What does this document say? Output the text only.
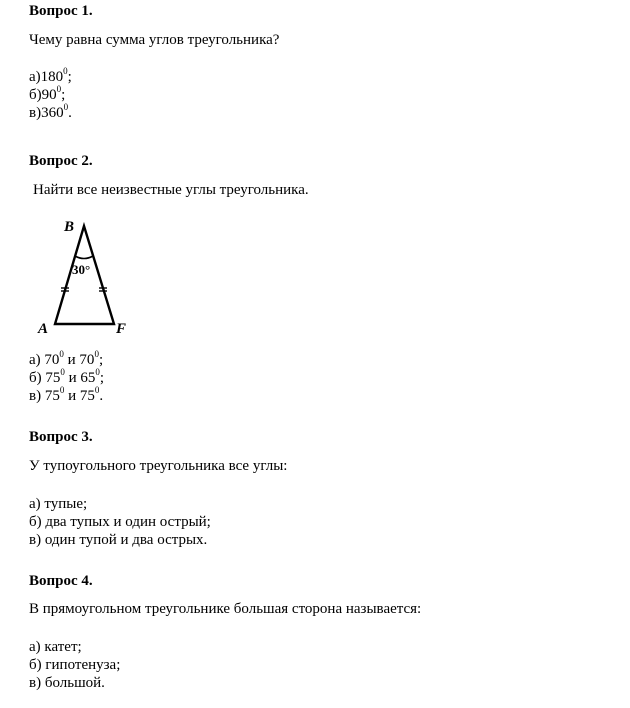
Вопрос 1.
Чему равна сумма углов треугольника?
$а)180^0$;
$б)90^0$;
$в)360^0$.
Вопрос 2.
Найти все неизвестные углы треугольника.
B
A	F
30°
а) $70^0$ и $70^0$;
б) $75^0$ и $65^0$;
в) $75^0$ и $75^0$.
Вопрос 3.
У тупоугольного треугольника все углы:
а) тупые;
б) два тупых и один острый;
в) один тупой и два острых.
Вопрос 4.
В прямоугольном треугольнике большая сторона называется:
а) катет;
б) гипотенуза;
в) большой.
